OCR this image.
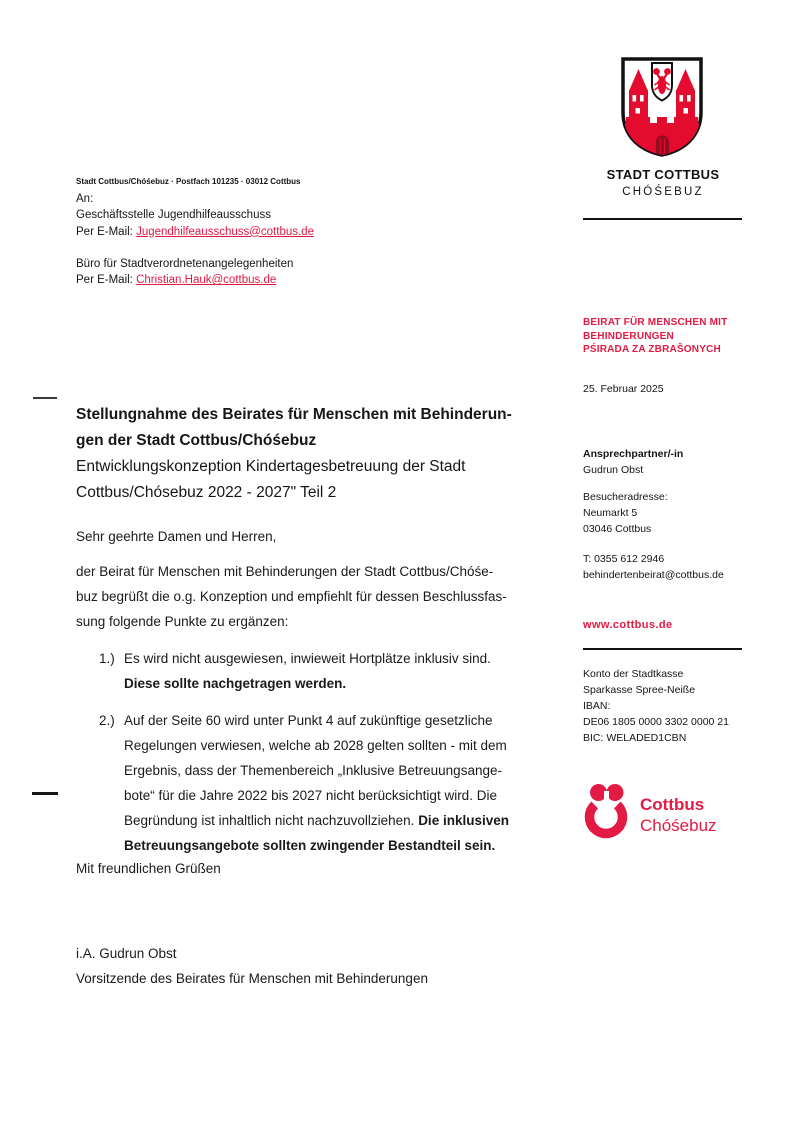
STADT COTTBUS
CHÓŚEBUZ
Stadt Cottbus/Chóśebuz · Postfach 101235 · 03012 Cottbus
An:
Geschäftsstelle Jugendhilfeausschuss
Per E-Mail: Jugendhilfeausschuss@cottbus.de
Büro für Stadtverordnetenangelegenheiten
Per E-Mail: Christian.Hauk@cottbus.de
BEIRAT FÜR MENSCHEN MIT
BEHINDERUNGEN
PŚIRADA ZA ZBRAŠONYCH
25. Februar 2025
Ansprechpartner/-in
Gudrun Obst
Besucheradresse:
Neumarkt 5
03046 Cottbus
T: 0355 612 2946
behindertenbeirat@cottbus.de
www.cottbus.de
Konto der Stadtkasse
Sparkasse Spree-Neiße
IBAN:
DE06 1805 0000 3302 0000 21
BIC: WELADED1CBN
Cottbus
Chóśebuz
Stellungnahme des Beirates für Menschen mit Behinderun-
gen der Stadt Cottbus/Chóśebuz
Entwicklungskonzeption Kindertagesbetreuung der Stadt
Cottbus/Chósebuz 2022 - 2027" Teil 2
Sehr geehrte Damen und Herren,
der Beirat für Menschen mit Behinderungen der Stadt Cottbus/Chóśe-
buz begrüßt die o.g. Konzeption und empfiehlt für dessen Beschlussfas-
sung folgende Punkte zu ergänzen:
1.) Es wird nicht ausgewiesen, inwieweit Hortplätze inklusiv sind.
Diese sollte nachgetragen werden.
2.) Auf der Seite 60 wird unter Punkt 4 auf zukünftige gesetzliche
Regelungen verwiesen, welche ab 2028 gelten sollten - mit dem
Ergebnis, dass der Themenbereich „Inklusive Betreuungsange-
bote“ für die Jahre 2022 bis 2027 nicht berücksichtigt wird. Die
Begründung ist inhaltlich nicht nachzuvollziehen. Die inklusiven
Betreuungsangebote sollten zwingender Bestandteil sein.
Mit freundlichen Grüßen
i.A. Gudrun Obst
Vorsitzende des Beirates für Menschen mit Behinderungen
